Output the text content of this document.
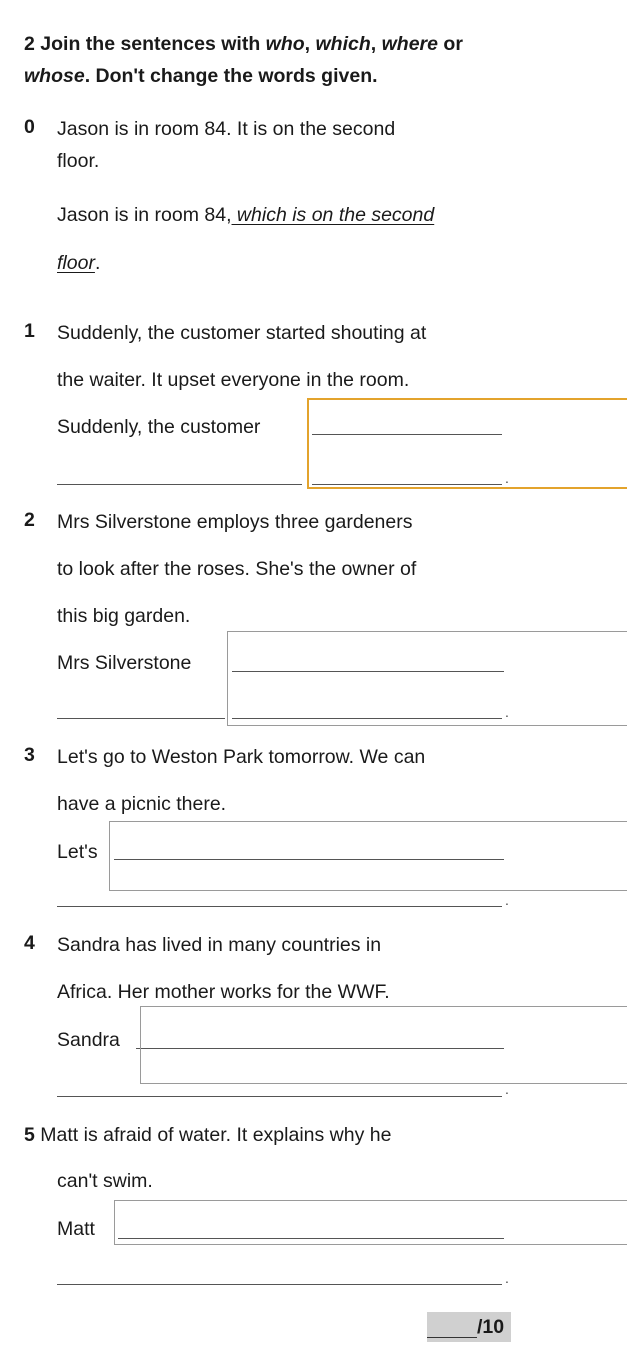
2 Join the sentences with who, which, where or
whose. Don't change the words given.
0 Jason is in room 84. It is on the second
floor.
Jason is in room 84, which is on the second
floor.
1 Suddenly, the customer started shouting at
the waiter. It upset everyone in the room.
Suddenly, the customer
.
2 Mrs Silverstone employs three gardeners
to look after the roses. She's the owner of
this big garden.
Mrs Silverstone
.
3 Let's go to Weston Park tomorrow. We can
have a picnic there.
Let's
.
4 Sandra has lived in many countries in
Africa. Her mother works for the WWF.
Sandra
.
5 Matt is afraid of water. It explains why he
can't swim.
Matt
.
/10
